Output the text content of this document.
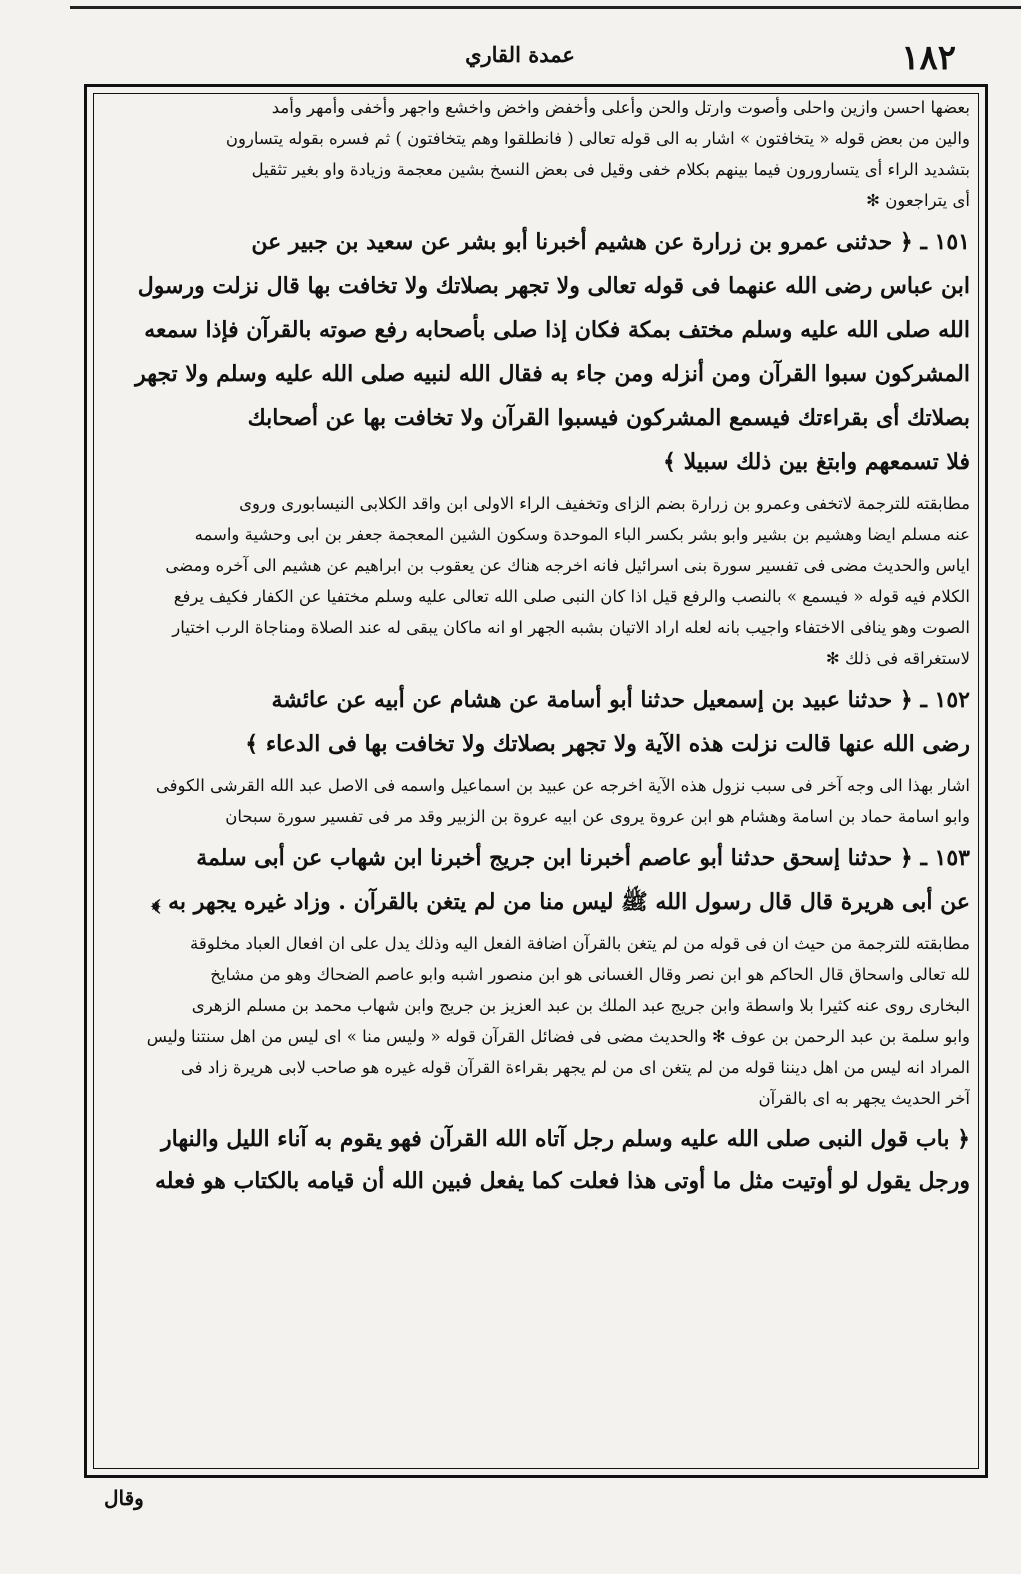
عمدة القاري	١٨٢
بعضها احسن وازين واحلى وأصوت وارتل والحن وأعلى وأخفض واخض واخشع واجهر وأخفى وأمهر وأمد
والين من بعض قوله « يتخافتون » اشار به الى قوله تعالى ( فانطلقوا وهم يتخافتون ) ثم فسره بقوله يتسارون
بتشديد الراء أى يتسارورون فيما بينهم بكلام خفى وقيل فى بعض النسخ بشين معجمة وزيادة واو بغير تثقيل
أى يتراجعون ✻
١٥١ ـ ﴿ حدثنى عمرو بن زرارة عن هشيم أخبرنا أبو بشر عن سعيد بن جبير عن
ابن عباس رضى الله عنهما فى قوله تعالى ولا تجهر بصلاتك ولا تخافت بها قال نزلت ورسول
الله صلى الله عليه وسلم مختف بمكة فكان إذا صلى بأصحابه رفع صوته بالقرآن فإذا سمعه
المشركون سبوا القرآن ومن أنزله ومن جاء به فقال الله لنبيه صلى الله عليه وسلم ولا تجهر
بصلاتك أى بقراءتك فيسمع المشركون فيسبوا القرآن ولا تخافت بها عن أصحابك
فلا تسمعهم وابتغ بين ذلك سبيلا ﴾
مطابقته للترجمة لاتخفى وعمرو بن زرارة بضم الزاى وتخفيف الراء الاولى ابن واقد الكلابى النيسابورى وروى
عنه مسلم ايضا وهشيم بن بشير وابو بشر بكسر الباء الموحدة وسكون الشين المعجمة جعفر بن ابى وحشية واسمه
اياس والحديث مضى فى تفسير سورة بنى اسرائيل فانه اخرجه هناك عن يعقوب بن ابراهيم عن هشيم الى آخره ومضى
الكلام فيه قوله « فيسمع » بالنصب والرفع قيل اذا كان النبى صلى الله تعالى عليه وسلم مختفيا عن الكفار فكيف يرفع
الصوت وهو ينافى الاختفاء واجيب بانه لعله اراد الاتيان بشبه الجهر او انه ماكان يبقى له عند الصلاة ومناجاة الرب اختيار
لاستغراقه فى ذلك ✻
١٥٢ ـ ﴿ حدثنا عبيد بن إسمعيل حدثنا أبو أسامة عن هشام عن أبيه عن عائشة
رضى الله عنها قالت نزلت هذه الآية ولا تجهر بصلاتك ولا تخافت بها فى الدعاء ﴾
اشار بهذا الى وجه آخر فى سبب نزول هذه الآية اخرجه عن عبيد بن اسماعيل واسمه فى الاصل عبد الله القرشى الكوفى
وابو اسامة حماد بن اسامة وهشام هو ابن عروة يروى عن ابيه عروة بن الزبير وقد مر فى تفسير سورة سبحان
١٥٣ ـ ﴿ حدثنا إسحق حدثنا أبو عاصم أخبرنا ابن جريج أخبرنا ابن شهاب عن أبى سلمة
عن أبى هريرة قال قال رسول الله ﷺ ليس منا من لم يتغن بالقرآن . وزاد غيره يجهر به ﴾
مطابقته للترجمة من حيث ان فى قوله من لم يتغن بالقرآن اضافة الفعل اليه وذلك يدل على ان افعال العباد مخلوقة
لله تعالى واسحاق قال الحاكم هو ابن نصر وقال الغسانى هو ابن منصور اشبه وابو عاصم الضحاك وهو من مشايخ
البخارى روى عنه كثيرا بلا واسطة وابن جريج عبد الملك بن عبد العزيز بن جريج وابن شهاب محمد بن مسلم الزهرى
وابو سلمة بن عبد الرحمن بن عوف ✻ والحديث مضى فى فضائل القرآن قوله « وليس منا » اى ليس من اهل سنتنا وليس
المراد انه ليس من اهل ديننا قوله من لم يتغن اى من لم يجهر بقراءة القرآن قوله غيره هو صاحب لابى هريرة زاد فى
آخر الحديث يجهر به اى بالقرآن
﴿ باب قول النبى صلى الله عليه وسلم رجل آتاه الله القرآن فهو يقوم به آناء الليل والنهار
ورجل يقول لو أوتيت مثل ما أوتى هذا فعلت كما يفعل فبين الله أن قيامه بالكتاب هو فعله
وقال
